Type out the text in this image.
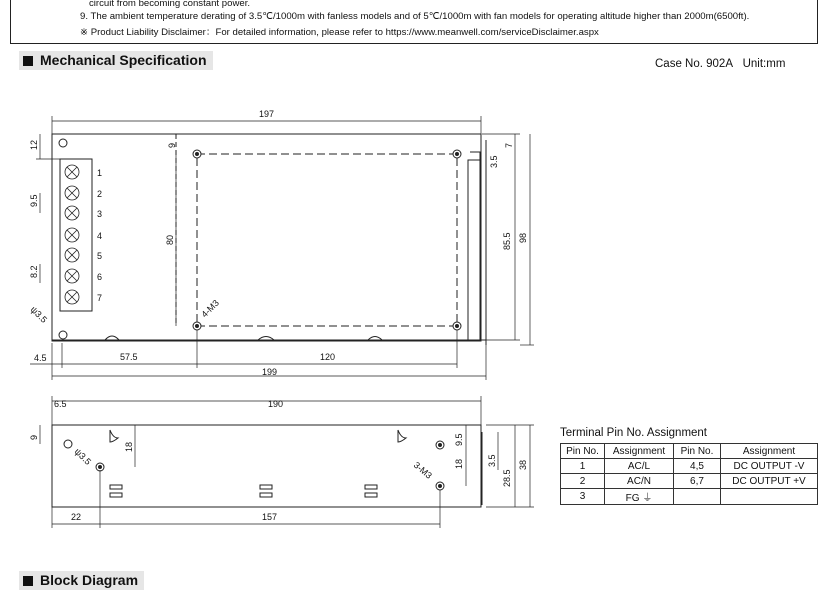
circuit from becoming constant power.
9. The ambient temperature derating of 3.5℃/1000m with fanless models and of 5℃/1000m with fan models for operating altitude higher than 2000m(6500ft).
※ Product Liability Disclaimer：For detailed information, please refer to https://www.meanwell.com/serviceDisclaimer.aspx
Mechanical Specification	Case No. 902A Unit:mm
197
199
4.5	57.5	120
85.5 98
80
12
9.5
8.2
9	7
3.5
4-M3
ψ3.5
1
2
3
4
5
6
7
190
6.5
22	157
9
18
18
9.5
3.5
28.5
38
3-M3
ψ3.5
Terminal Pin No. Assignment
Pin No.	Assignment	Pin No.	Assignment
1	AC/L	4,5	DC OUTPUT -V
2	AC/N	6,7	DC OUTPUT +V
3	FG ⏚		
Block Diagram
